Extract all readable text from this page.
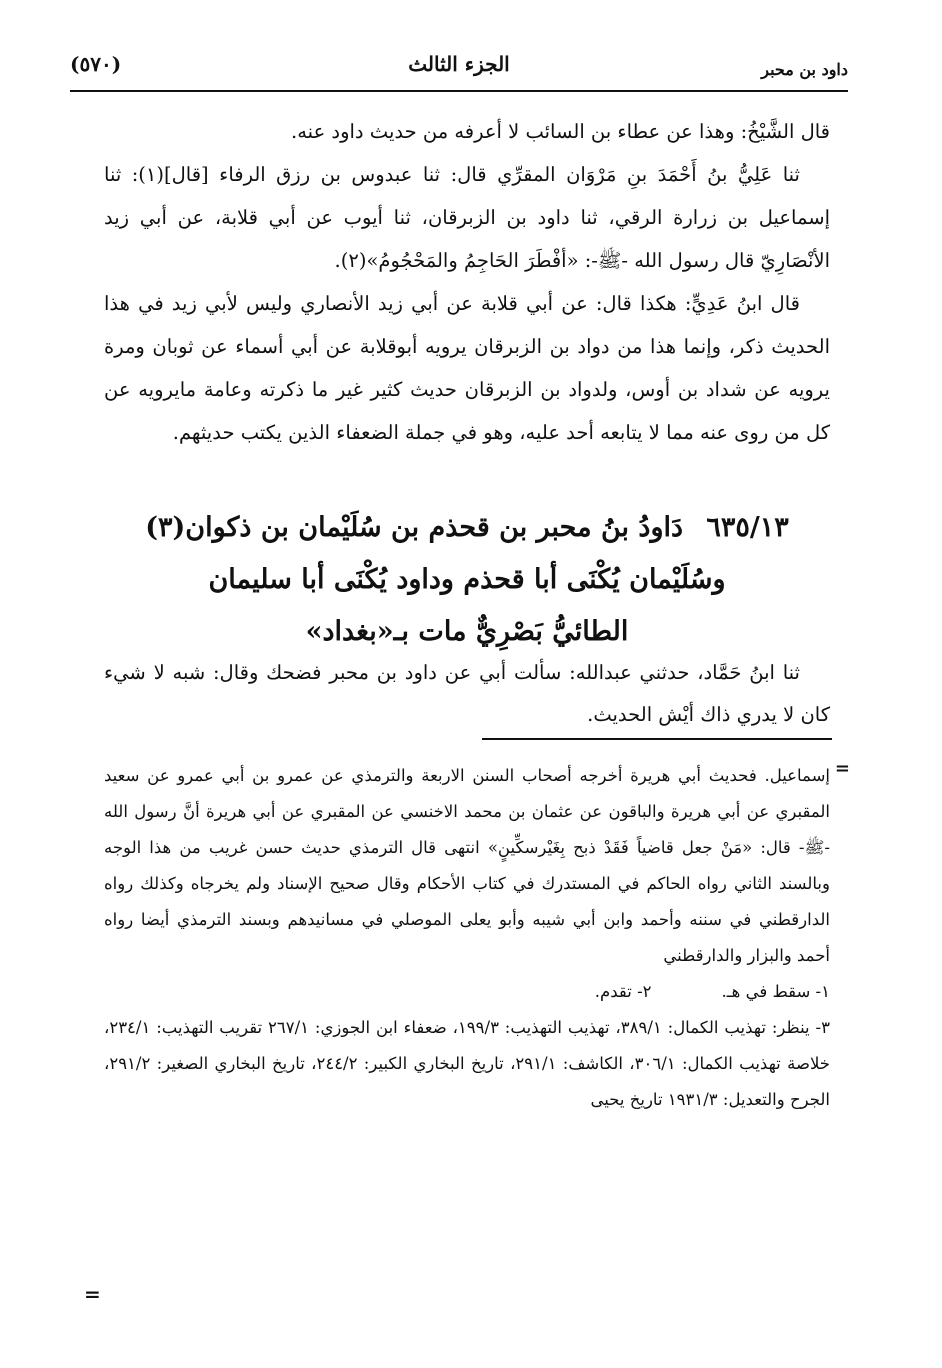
داود بن محبر
الجزء الثالث
(٥٧٠)

قال الشَّيْخُ: وهذا عن عطاء بن السائب لا أعرفه من حديث داود عنه.

ثنا عَلِيُّ بنُ أَحْمَدَ بنِ مَرْوَان المقرِّي قال: ثنا عبدوس بن رزق الرفاء [قال](١): ثنا إسماعيل بن زرارة الرقي، ثنا داود بن الزبرقان، ثنا أيوب عن أبي قلابة، عن أبي زيد الأنْصَارِيّ قال رسول الله -ﷺ-: «أفْطَرَ الحَاجِمُ والمَحْجُومُ»(٢).

قال ابنُ عَدِيٍّ: هكذا قال: عن أبي قلابة عن أبي زيد الأنصاري وليس لأبي زيد في هذا الحديث ذكر، وإنما هذا من دواد بن الزبرقان يرويه أبوقلابة عن أبي أسماء عن ثوبان ومرة يرويه عن شداد بن أوس، ولدواد بن الزبرقان حديث كثير غير ما ذكرته وعامة مايرويه عن كل من روى عنه مما لا يتابعه أحد عليه، وهو في جملة الضعفاء الذين يكتب حديثهم.

٦٣٥/١٣ دَاودُ بنُ محبر بن قحذم بن سُلَيْمان بن ذكوان(٣)
وسُلَيْمان يُكْنَى أبا قحذم وداود يُكْنَى أبا سليمان
الطائيُّ بَصْرِيٌّ مات بـ«بغداد»

ثنا ابنُ حَمَّاد، حدثني عبدالله: سألت أبي عن داود بن محبر فضحك وقال: شبه لا شيء كان لا يدري ذاك أيْش الحديث.

=

إسماعيل. فحديث أبي هريرة أخرجه أصحاب السنن الاربعة والترمذي عن عمرو بن أبي عمرو عن سعيد المقبري عن أبي هريرة والباقون عن عثمان بن محمد الاخنسي عن المقبري عن أبي هريرة أنَّ رسول الله -ﷺ- قال: «مَنْ جعل قاضياً فَقَدْ ذبح بِغَيْرسكِّينٍ» انتهى قال الترمذي حديث حسن غريب من هذا الوجه وبالسند الثاني رواه الحاكم في المستدرك في كتاب الأحكام وقال صحيح الإسناد ولم يخرجاه وكذلك رواه الدارقطني في سننه وأحمد وابن أبي شيبه وأبو يعلى الموصلي في مسانيدهم وبسند الترمذي أيضا رواه أحمد والبزار والدارقطني

١- سقط في هـ.
٢- تقدم.

٣- ينظر: تهذيب الكمال: ٣٨٩/١، تهذيب التهذيب: ١٩٩/٣، ضعفاء ابن الجوزي: ٢٦٧/١ تقريب التهذيب: ٢٣٤/١، خلاصة تهذيب الكمال: ٣٠٦/١، الكاشف: ٢٩١/١، تاريخ البخاري الكبير: ٢٤٤/٢، تاريخ البخاري الصغير: ٢٩١/٢، الجرح والتعديل: ١٩٣١/٣ تاريخ يحيى

=
